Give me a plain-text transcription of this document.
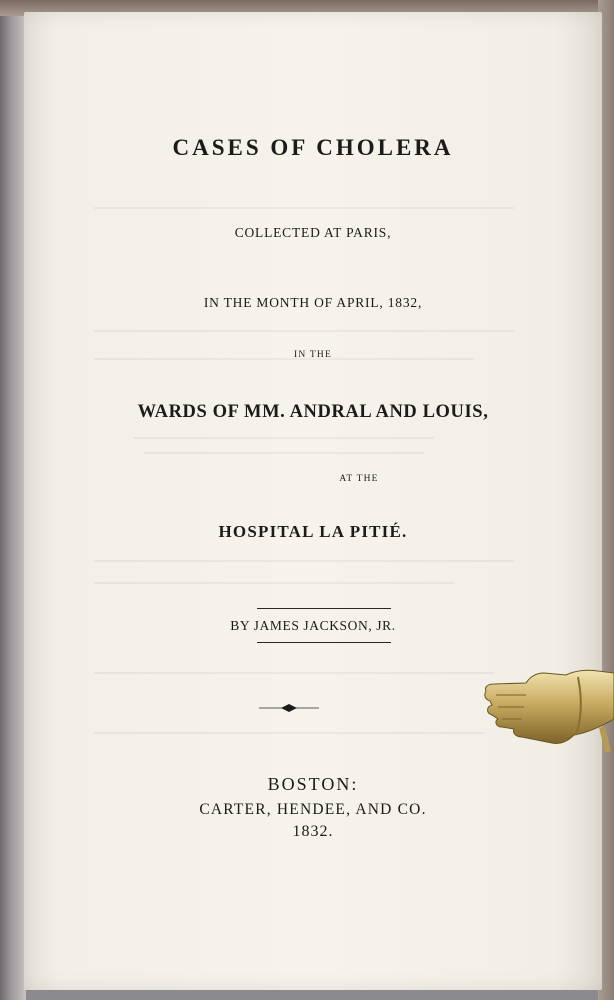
CASES OF CHOLERA
COLLECTED AT PARIS,
IN THE MONTH OF APRIL, 1832,
IN THE
WARDS OF MM. ANDRAL AND LOUIS,
AT THE
HOSPITAL LA PITIÉ.
BY JAMES JACKSON, JR.
BOSTON:
CARTER, HENDEE, AND CO.
1832.
